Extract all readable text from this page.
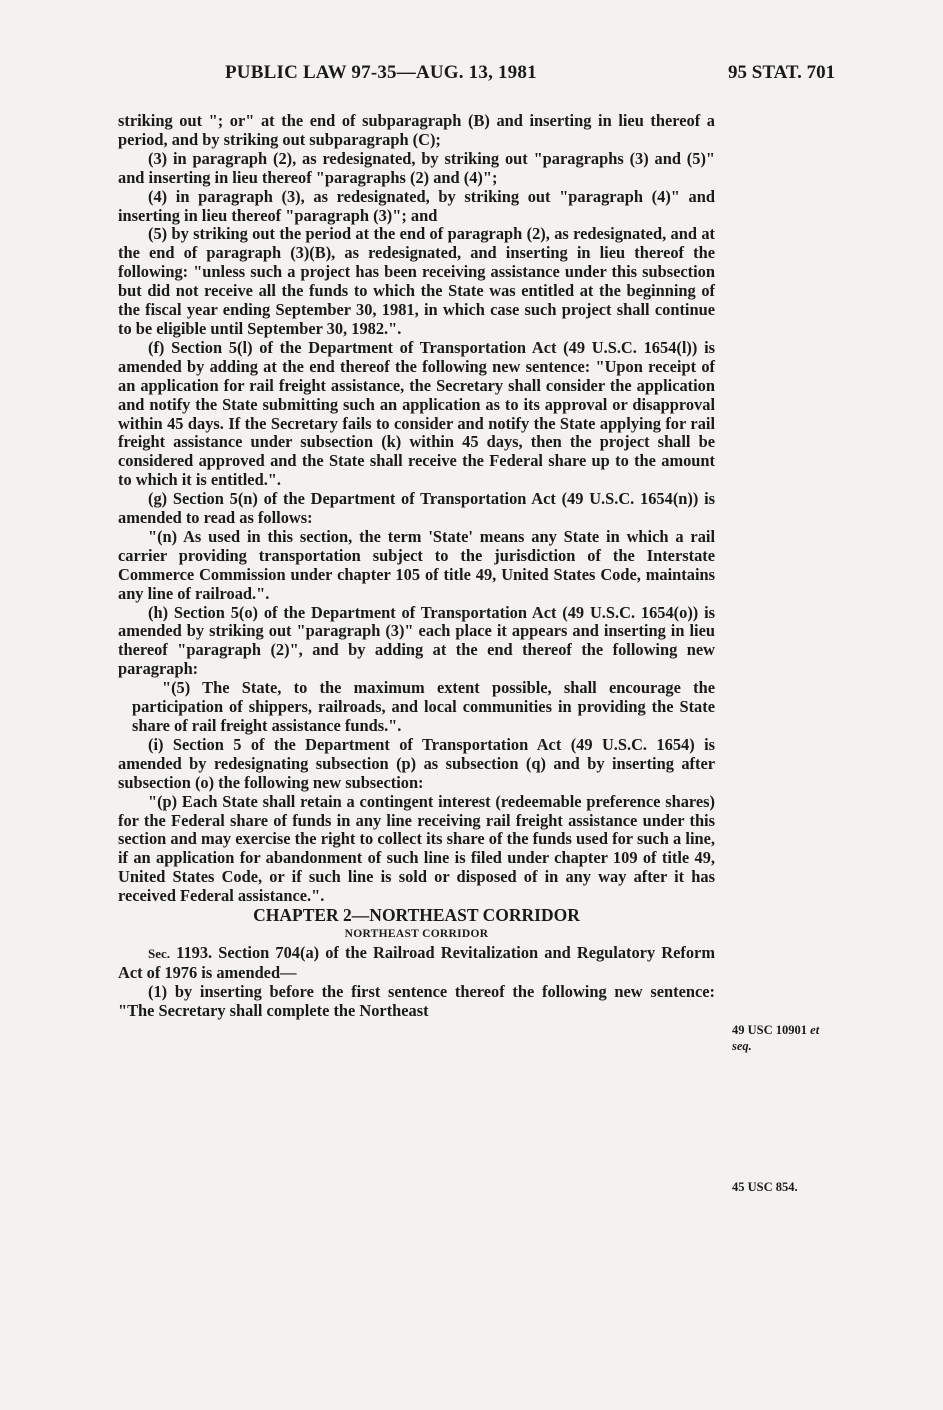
PUBLIC LAW 97-35—AUG. 13, 1981	95 STAT. 701

striking out "; or" at the end of subparagraph (B) and inserting in lieu thereof a period, and by striking out subparagraph (C);

(3) in paragraph (2), as redesignated, by striking out "paragraphs (3) and (5)" and inserting in lieu thereof "paragraphs (2) and (4)";

(4) in paragraph (3), as redesignated, by striking out "paragraph (4)" and inserting in lieu thereof "paragraph (3)"; and

(5) by striking out the period at the end of paragraph (2), as redesignated, and at the end of paragraph (3)(B), as redesignated, and inserting in lieu thereof the following: "unless such a project has been receiving assistance under this subsection but did not receive all the funds to which the State was entitled at the beginning of the fiscal year ending September 30, 1981, in which case such project shall continue to be eligible until September 30, 1982.".

(f) Section 5(l) of the Department of Transportation Act (49 U.S.C. 1654(l)) is amended by adding at the end thereof the following new sentence: "Upon receipt of an application for rail freight assistance, the Secretary shall consider the application and notify the State submitting such an application as to its approval or disapproval within 45 days. If the Secretary fails to consider and notify the State applying for rail freight assistance under subsection (k) within 45 days, then the project shall be considered approved and the State shall receive the Federal share up to the amount to which it is entitled.".

(g) Section 5(n) of the Department of Transportation Act (49 U.S.C. 1654(n)) is amended to read as follows:

"(n) As used in this section, the term 'State' means any State in which a rail carrier providing transportation subject to the jurisdiction of the Interstate Commerce Commission under chapter 105 of title 49, United States Code, maintains any line of railroad.".

(h) Section 5(o) of the Department of Transportation Act (49 U.S.C. 1654(o)) is amended by striking out "paragraph (3)" each place it appears and inserting in lieu thereof "paragraph (2)", and by adding at the end thereof the following new paragraph:

"(5) The State, to the maximum extent possible, shall encourage the participation of shippers, railroads, and local communities in providing the State share of rail freight assistance funds.".

(i) Section 5 of the Department of Transportation Act (49 U.S.C. 1654) is amended by redesignating subsection (p) as subsection (q) and by inserting after subsection (o) the following new subsection:

"(p) Each State shall retain a contingent interest (redeemable preference shares) for the Federal share of funds in any line receiving rail freight assistance under this section and may exercise the right to collect its share of the funds used for such a line, if an application for abandonment of such line is filed under chapter 109 of title 49, United States Code, or if such line is sold or disposed of in any way after it has received Federal assistance.".

CHAPTER 2—NORTHEAST CORRIDOR

NORTHEAST CORRIDOR

Sec. 1193. Section 704(a) of the Railroad Revitalization and Regulatory Reform Act of 1976 is amended—

(1) by inserting before the first sentence thereof the following new sentence: "The Secretary shall complete the Northeast

49 USC 10901 et
seq.
45 USC 854.
